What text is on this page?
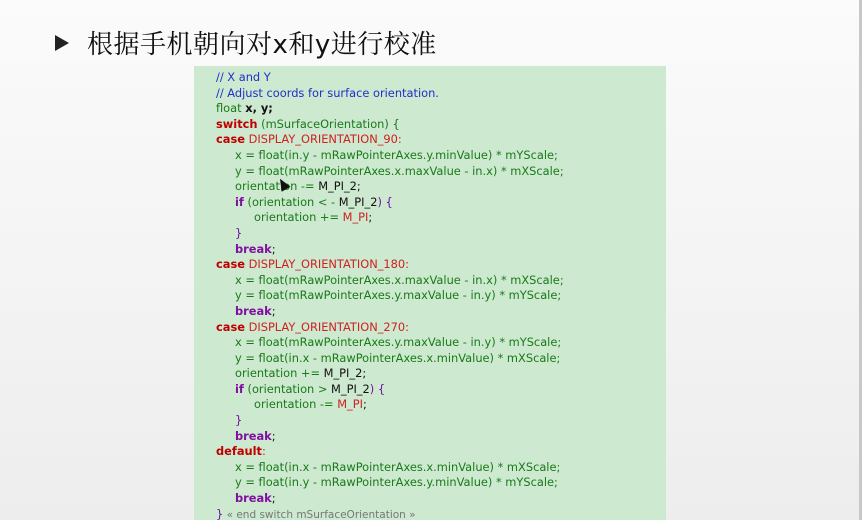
根据手机朝向对x和y进行校准
// X and Y
// Adjust coords for surface orientation.
float x, y;
switch (mSurfaceOrientation) {
case DISPLAY_ORIENTATION_90:
x = float(in.y - mRawPointerAxes.y.minValue) * mYScale;
y = float(mRawPointerAxes.x.maxValue - in.x) * mXScale;
orientation -= M_PI_2;
if (orientation < - M_PI_2) {
orientation += M_PI;
}
break;
case DISPLAY_ORIENTATION_180:
x = float(mRawPointerAxes.x.maxValue - in.x) * mXScale;
y = float(mRawPointerAxes.y.maxValue - in.y) * mYScale;
break;
case DISPLAY_ORIENTATION_270:
x = float(mRawPointerAxes.y.maxValue - in.y) * mYScale;
y = float(in.x - mRawPointerAxes.x.minValue) * mXScale;
orientation += M_PI_2;
if (orientation > M_PI_2) {
orientation -= M_PI;
}
break;
default:
x = float(in.x - mRawPointerAxes.x.minValue) * mXScale;
y = float(in.y - mRawPointerAxes.y.minValue) * mYScale;
break;
} « end switch mSurfaceOrientation »
